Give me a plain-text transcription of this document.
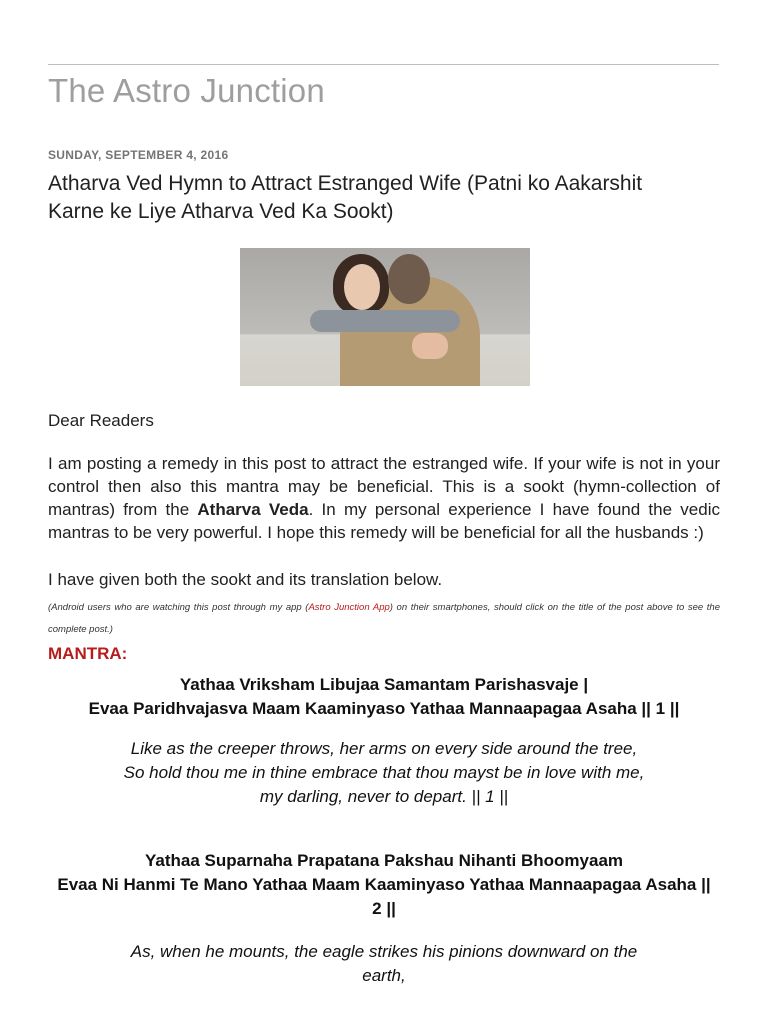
The Astro Junction
SUNDAY, SEPTEMBER 4, 2016
Atharva Ved Hymn to Attract Estranged Wife (Patni ko Aakarshit Karne ke Liye Atharva Ved Ka Sookt)
Dear Readers
I am posting a remedy in this post to attract the estranged wife. If your wife is not in your control then also this mantra may be beneficial. This is a sookt (hymn-collection of mantras) from the Atharva Veda. In my personal experience I have found the vedic mantras to be very powerful. I hope this remedy will be beneficial for all the husbands :)
I have given both the sookt and its translation below.
(Android users who are watching this post through my app (Astro Junction App) on their smartphones, should click on the title of the post above to see the complete post.)
MANTRA:
Yathaa Vriksham Libujaa Samantam Parishasvaje |
Evaa Paridhvajasva Maam Kaaminyaso Yathaa Mannaapagaa Asaha || 1 ||
Like as the creeper throws, her arms on every side around the tree,
So hold thou me in thine embrace that thou mayst be in love with me, my darling, never to depart. || 1 ||
Yathaa Suparnaha Prapatana Pakshau Nihanti Bhoomyaam
Evaa Ni Hanmi Te Mano Yathaa Maam Kaaminyaso Yathaa Mannaapagaa Asaha || 2 ||
As, when he mounts, the eagle strikes his pinions downward on the earth,
